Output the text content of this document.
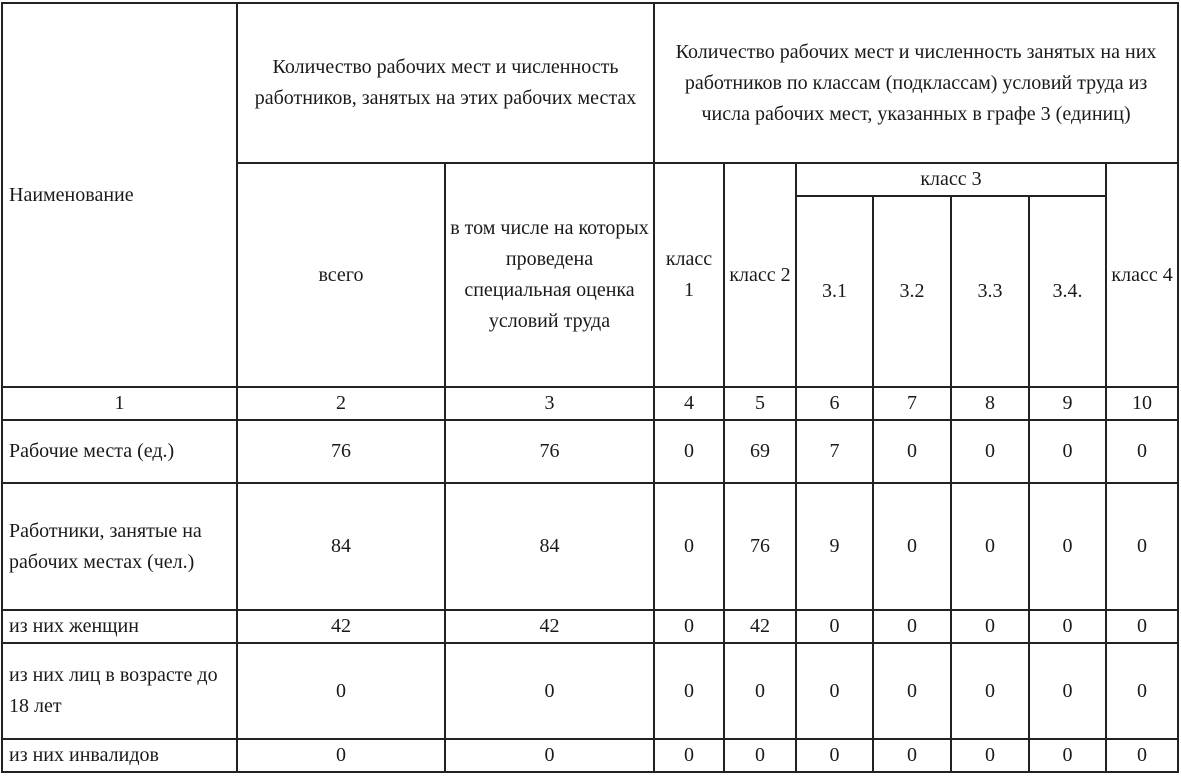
Наименование	Количество рабочих мест и численность работников, занятых на этих рабочих местах		Количество рабочих мест и численность занятых на них работников по классам (подклассам) условий труда из числа рабочих мест, указанных в графе 3 (единиц)						
	всего	в том числе на которых проведена специальная оценка условий труда	класс 1	класс 2	класс 3				класс 4
					3.1	3.2	3.3	3.4.	
1	2	3	4	5	6	7	8	9	10
Рабочие места (ед.)	76	76	0	69	7	0	0	0	0
Работники, занятые на рабочих местах (чел.)	84	84	0	76	9	0	0	0	0
из них женщин	42	42	0	42	0	0	0	0	0
из них лиц в возрасте до 18 лет	0	0	0	0	0	0	0	0	0
из них инвалидов	0	0	0	0	0	0	0	0	0
